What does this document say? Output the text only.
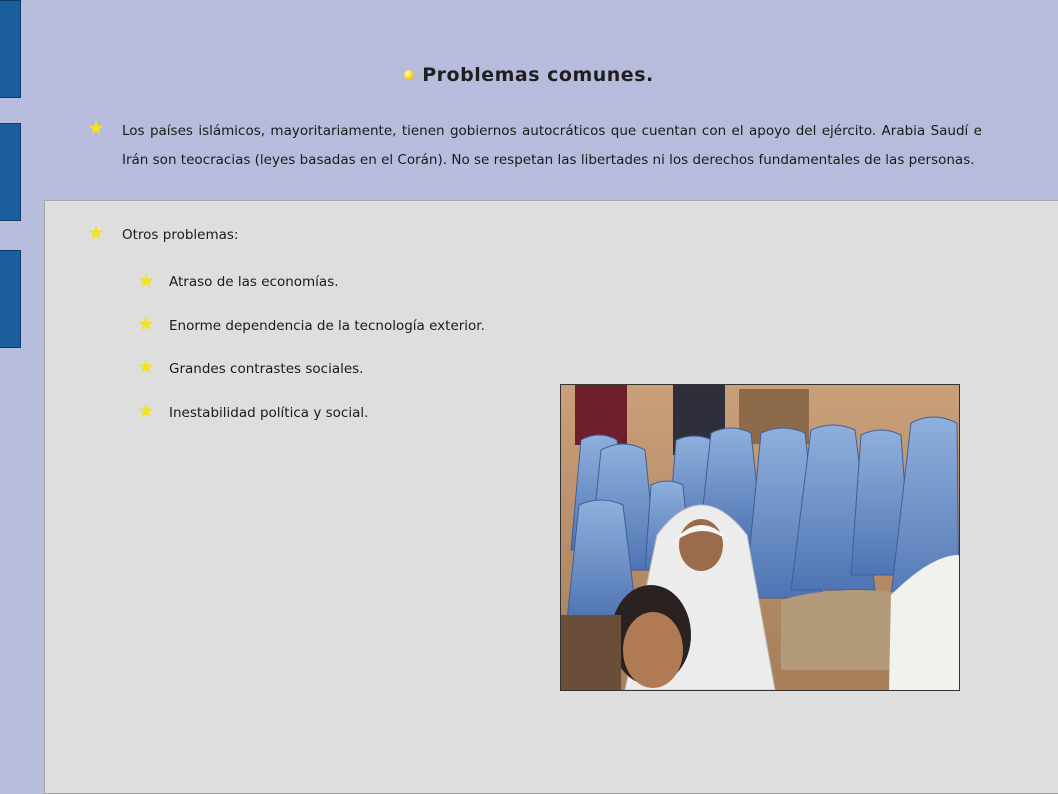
Problemas comunes.
Los países islámicos, mayoritariamente, tienen gobiernos autocráticos que cuentan con el apoyo del ejército. Arabia Saudí e Irán son teocracias (leyes basadas en el Corán). No se respetan las libertades ni los derechos fundamentales de las personas.
Otros problemas:
Atraso de las economías.
Enorme dependencia de la tecnología exterior.
Grandes contrastes sociales.
Inestabilidad política y social.
